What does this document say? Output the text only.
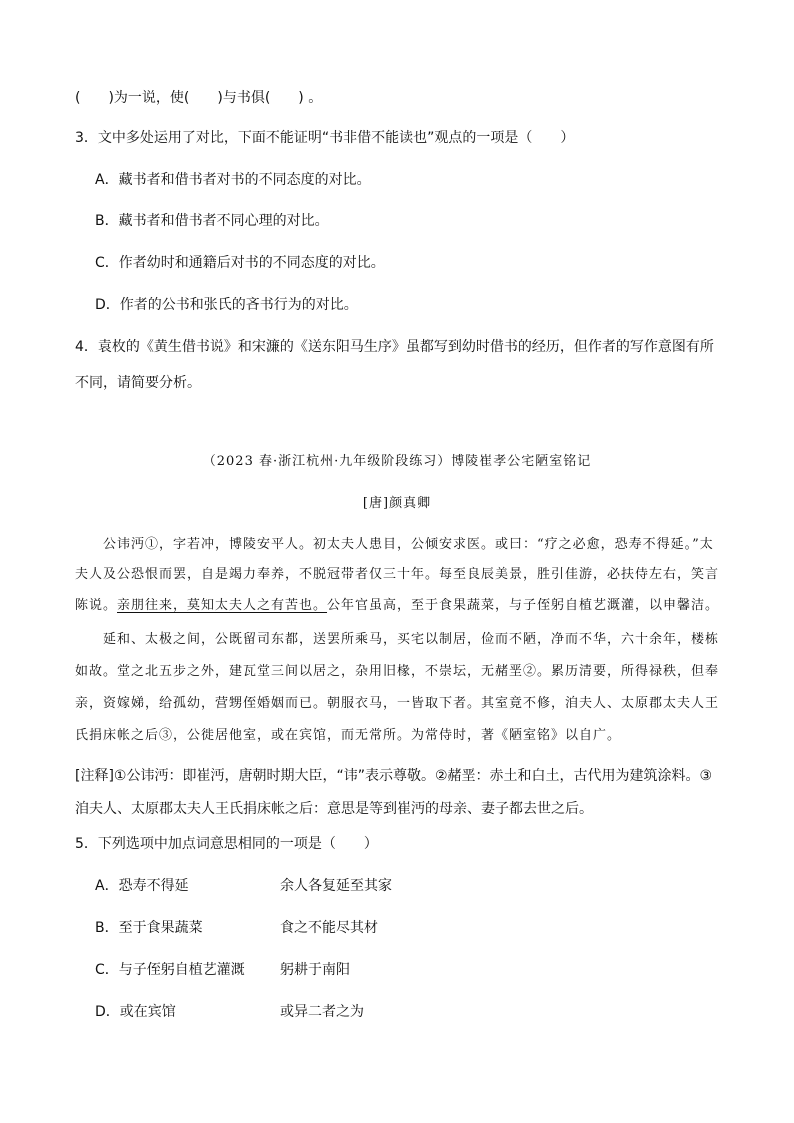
(　　)为一说，使(　　)与书俱(　　) 。
3．文中多处运用了对比，下面不能证明“书非借不能读也”观点的一项是（　　）
A．藏书者和借书者对书的不同态度的对比。
B．藏书者和借书者不同心理的对比。
C．作者幼时和通籍后对书的不同态度的对比。
D．作者的公书和张氏的吝书行为的对比。
4．袁枚的《黄生借书说》和宋濂的《送东阳马生序》虽都写到幼时借书的经历，但作者的写作意图有所
不同，请简要分析。
（2023 春·浙江杭州·九年级阶段练习）博陵崔孝公宅陋室铭记
[唐]颜真卿
公讳沔①，字若冲，博陵安平人。初太夫人患目，公倾安求医。或曰：“疗之必愈，恐寿不得延。”太
夫人及公恐恨而罢，自是竭力奉养，不脱冠带者仅三十年。每至良辰美景，胜引佳游，必扶侍左右，笑言
陈说。亲朋往来，莫知太夫人之有苦也。公年官虽高，至于食果蔬菜，与子侄躬自植艺溉灌，以申馨洁。
延和、太极之间，公既留司东都，送罢所乘马，买宅以制居，俭而不陋，净而不华，六十余年，楼栋
如故。堂之北五步之外，建瓦堂三间以居之，杂用旧椽，不崇坛，无赭垩②。累历清要，所得禄秩，但奉
亲，资嫁娣，给孤幼，营甥侄婚姻而已。朝服衣马，一皆取下者。其室竟不修，洎夫人、太原郡太夫人王
氏捐床帐之后③，公徙居他室，或在宾馆，而无常所。为常侍时，著《陋室铭》以自广。
[注释]①公讳沔：即崔沔，唐朝时期大臣，“讳”表示尊敬。②赭垩：赤土和白土，古代用为建筑涂料。③
洎夫人、太原郡太夫人王氏捐床帐之后：意思是等到崔沔的母亲、妻子都去世之后。
5．下列选项中加点词意思相同的一项是（　　）
A．恐寿不得延	余人各复延至其家
B．至于食果蔬菜	食之不能尽其材
C．与子侄躬自植艺灌溉	躬耕于南阳
D．或在宾馆	或异二者之为
